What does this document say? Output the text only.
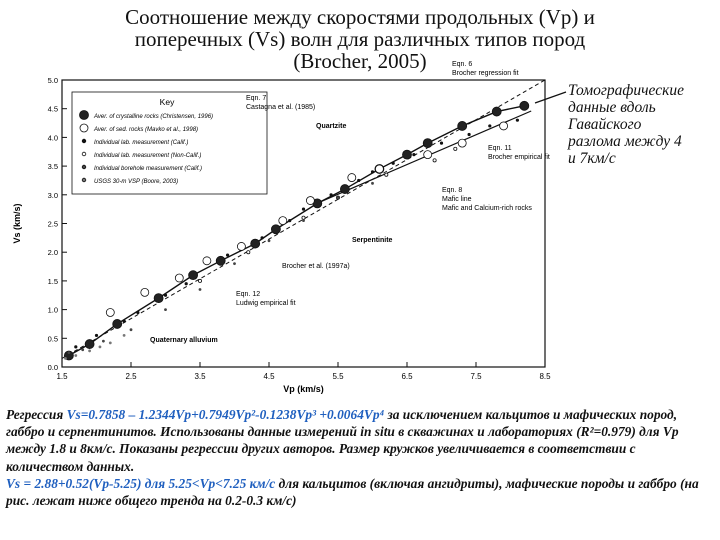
Соотношение между скоростями продольных (Vp) и
поперечных (Vs) волн для различных типов пород
(Brocher, 2005)
1.5	2.5	3.5	4.5	5.5	6.5	7.5	8.5
0.0
0.5
1.0
1.5
2.0
2.5
3.0
3.5
4.0
4.5
5.0
Vp (km/s)
Vs (km/s)
Key
Aver. of crystalline rocks (Christensen, 1996)
Aver. of sed. rocks (Mavko et al., 1998)
Individual lab. measurement (Calif.)
Individual lab. measurement (Non-Calif.)
Individual borehole measurement (Calif.)
USGS 30-m VSP (Boore, 2003)
Eqn. 6
Brocher regression fit
Eqn. 7
Castagna et al. (1985)
Quartzite
Eqn. 11
Brocher empirical fit
Eqn. 8
Mafic line
Mafic and Calcium-rich rocks
Serpentinite
Brocher et al. (1997a)
Eqn. 12
Ludwig empirical fit
Quaternary alluvium
Томографические
данные вдоль
Гавайского
разлома между 4
и 7км/с

Регрессия Vs=0.7858 – 1.2344Vp+0.7949Vp²-0.1238Vp³ +0.0064Vp⁴ за исключением кальцитов и мафических пород, габбро и серпентинитов. Использованы данные измерений in situ в скважинах и лабораториях (R²=0.979) для Vp между 1.8 и 8км/с. Показаны регрессии других авторов. Размер кружков увеличивается в соответствии с количеством данных.

Vs = 2.88+0.52(Vp-5.25) для 5.25<Vp<7.25 км/с для кальцитов (включая ангидриты), мафические породы и габбро (на рис. лежат ниже общего тренда на 0.2-0.3 км/с)
